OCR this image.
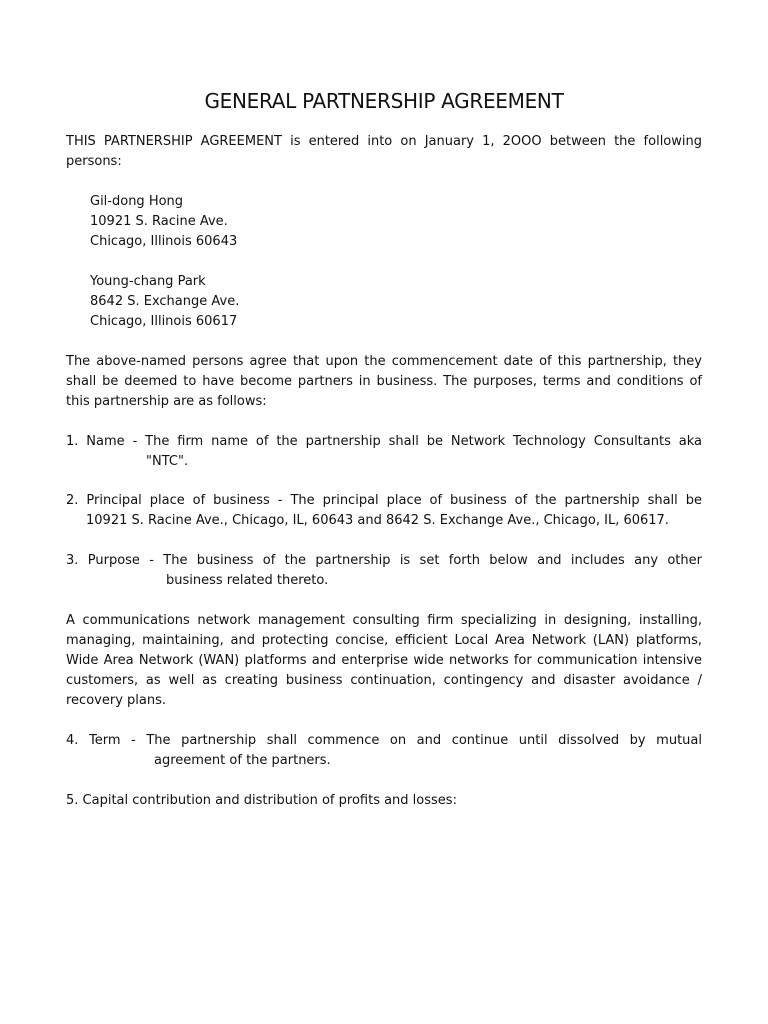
GENERAL PARTNERSHIP AGREEMENT
THIS PARTNERSHIP AGREEMENT is entered into on January 1, 2OOO between the following
persons:
Gil-dong Hong
10921 S. Racine Ave.
Chicago, Illinois 60643
Young-chang Park
8642 S. Exchange Ave.
Chicago, Illinois 60617
The above-named persons agree that upon the commencement date of this partnership, they
shall be deemed to have become partners in business. The purposes, terms and conditions of
this partnership are as follows:
1. Name - The firm name of the partnership shall be Network Technology Consultants aka
"NTC".
2. Principal place of business - The principal place of business of the partnership shall be
10921 S. Racine Ave., Chicago, IL, 60643 and 8642 S. Exchange Ave., Chicago, IL, 60617.
3. Purpose - The business of the partnership is set forth below and includes any other
business related thereto.
A communications network management consulting firm specializing in designing, installing,
managing, maintaining, and protecting concise, efficient Local Area Network (LAN) platforms,
Wide Area Network (WAN) platforms and enterprise wide networks for communication intensive
customers, as well as creating business continuation, contingency and disaster avoidance /
recovery plans.
4. Term - The partnership shall commence on and continue until dissolved by mutual
agreement of the partners.
5. Capital contribution and distribution of profits and losses:
